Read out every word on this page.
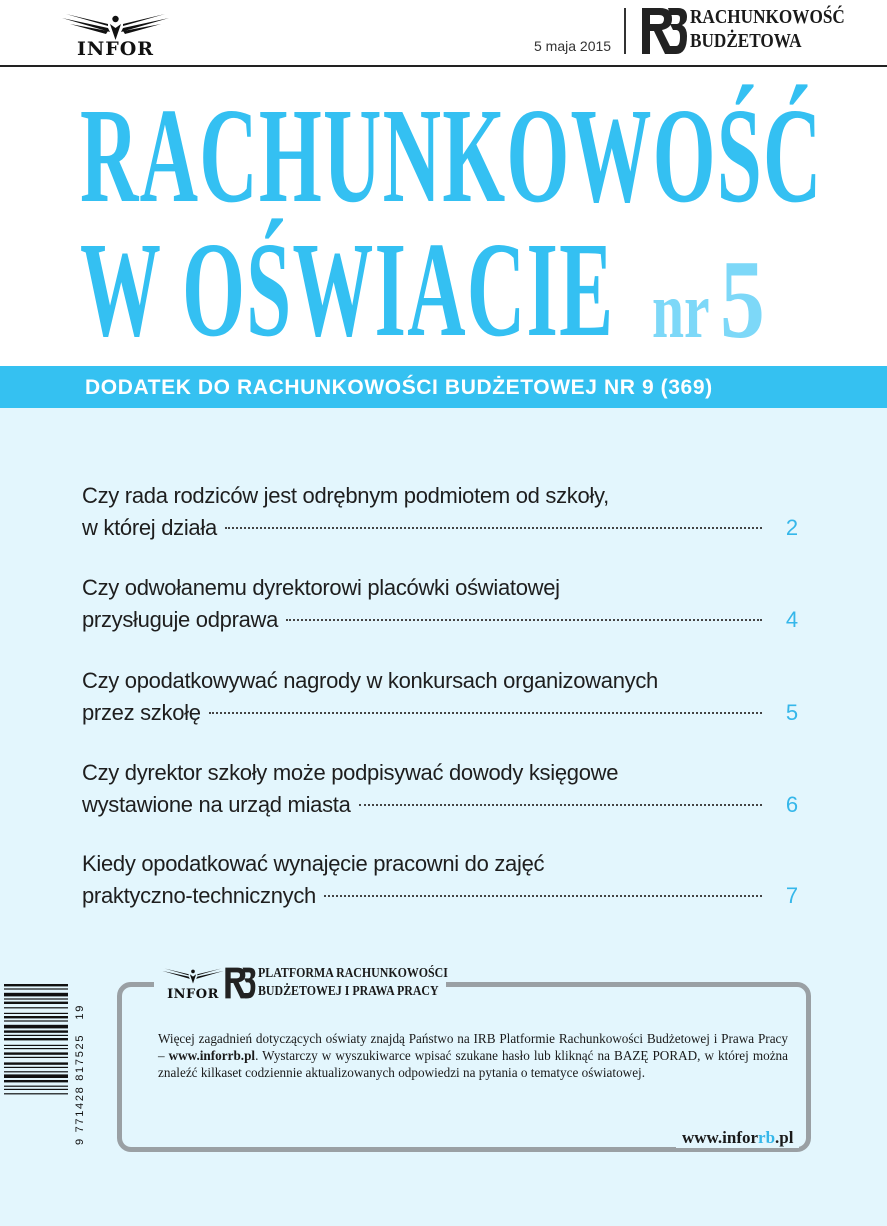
INFOR	5 maja 2015
RACHUNKOWOŚĆ
BUDŻETOWA
RACHUNKOWOŚĆ
W OŚWIACIE nr 5
DODATEK DO RACHUNKOWOŚCI BUDŻETOWEJ NR 9 (369)
Czy rada rodziców jest odrębnym podmiotem od szkoły,
w której działa	2
Czy odwołanemu dyrektorowi placówki oświatowej
przysługuje odprawa	4
Czy opodatkowywać nagrody w konkursach organizowanych
przez szkołę	5
Czy dyrektor szkoły może podpisywać dowody księgowe
wystawione na urząd miasta	6
Kiedy opodatkować wynajęcie pracowni do zajęć
praktyczno-technicznych	7
INFOR
PLATFORMA RACHUNKOWOŚCI
BUDŻETOWEJ I PRAWA PRACY
Więcej zagadnień dotyczących oświaty znajdą Państwo na IRB Platformie Rachunkowości Budżetowej i Prawa Pracy – www.inforrb.pl. Wystarczy w wyszukiwarce wpisać szukane hasło lub kliknąć na BAZĘ PORAD, w której można znaleźć kilkaset codziennie aktualizowanych odpowiedzi na pytania o tematyce oświatowej.
www.inforrb.pl
9 771428 817525   19
